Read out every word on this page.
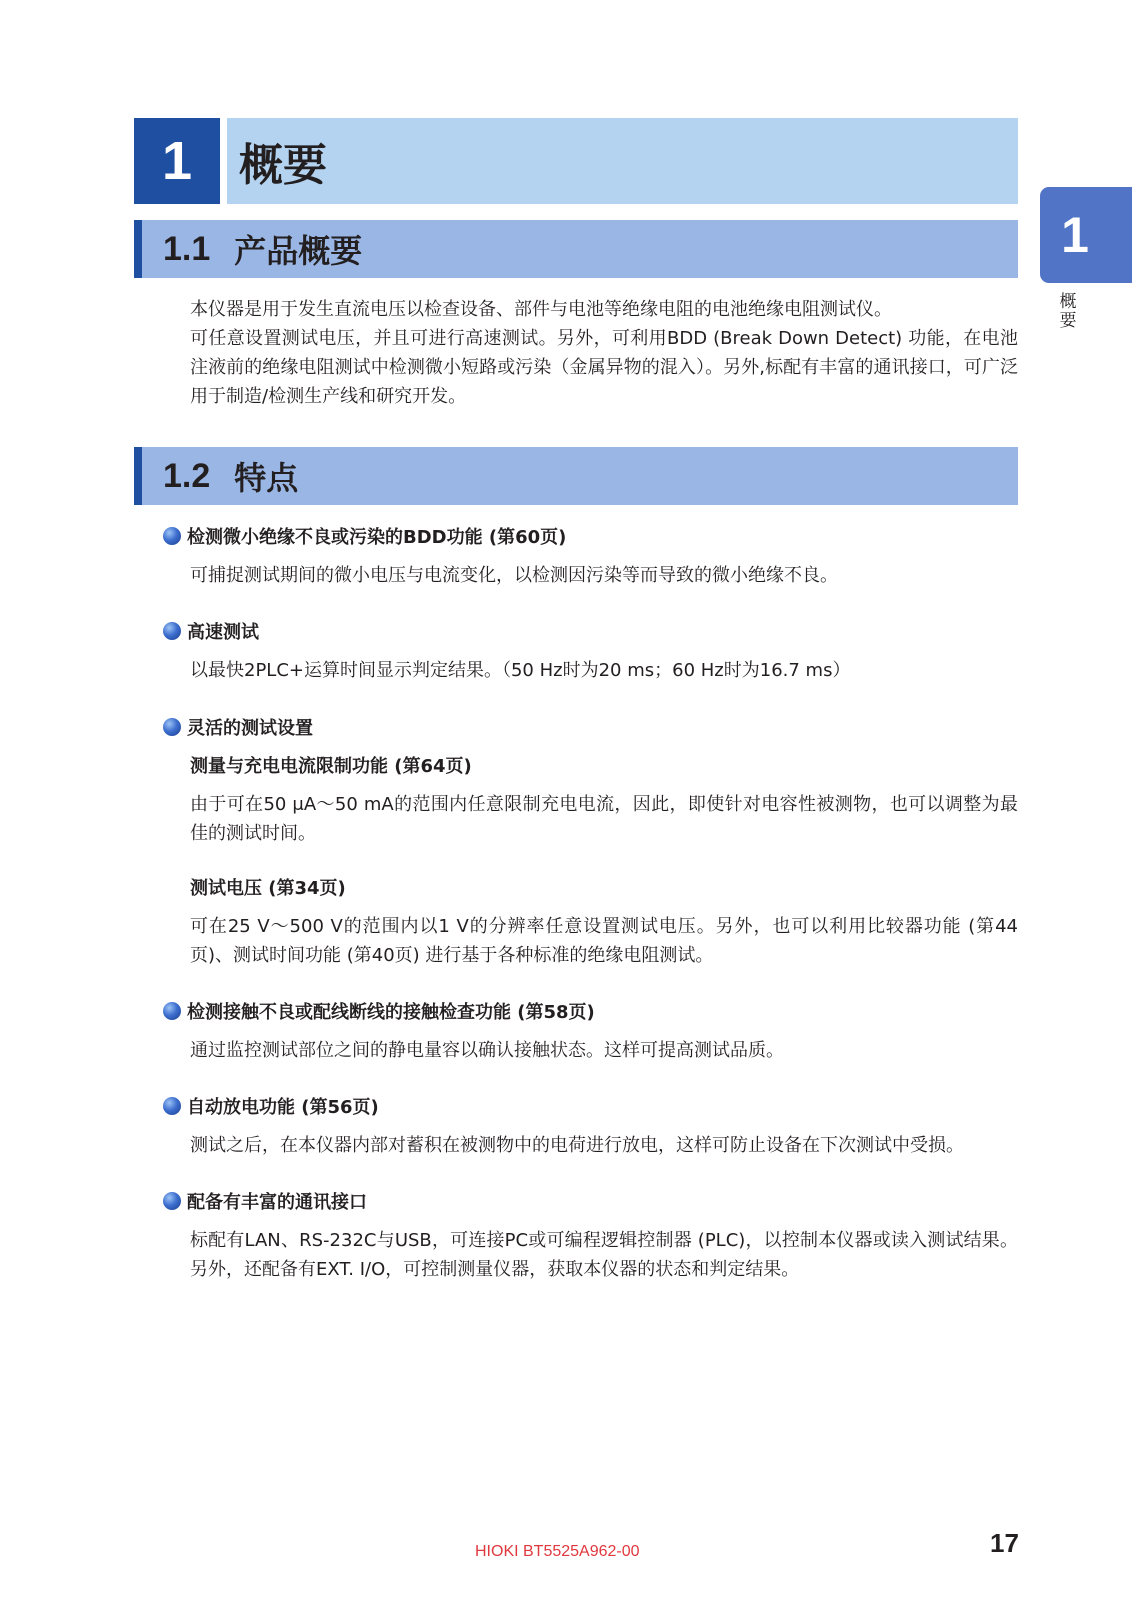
1	概要
1
概要
1.1 产品概要

本仪器是用于发生直流电压以检查设备、部件与电池等绝缘电阻的电池绝缘电阻测试仪。
可任意设置测试电压，并且可进行高速测试。另外，可利用BDD (Break Down Detect) 功能，在电池注液前的绝缘电阻测试中检测微小短路或污染（金属异物的混入）。另外,标配有丰富的通讯接口，可广泛用于制造/检测生产线和研究开发。

1.2 特点
检测微小绝缘不良或污染的BDD功能 (第60页)

可捕捉测试期间的微小电压与电流变化，以检测因污染等而导致的微小绝缘不良。

高速测试

以最快2PLC+运算时间显示判定结果。（50 Hz时为20 ms；60 Hz时为16.7 ms）

灵活的测试设置
测量与充电电流限制功能 (第64页)

由于可在50 μA～50 mA的范围内任意限制充电电流，因此，即使针对电容性被测物，也可以调整为最佳的测试时间。

测试电压 (第34页)

可在25 V～500 V的范围内以1 V的分辨率任意设置测试电压。另外，也可以利用比较器功能 (第44页)、测试时间功能 (第40页) 进行基于各种标准的绝缘电阻测试。

检测接触不良或配线断线的接触检查功能 (第58页)

通过监控测试部位之间的静电量容以确认接触状态。这样可提高测试品质。

自动放电功能 (第56页)

测试之后，在本仪器内部对蓄积在被测物中的电荷进行放电，这样可防止设备在下次测试中受损。

配备有丰富的通讯接口

标配有LAN、RS-232C与USB，可连接PC或可编程逻辑控制器 (PLC)，以控制本仪器或读入测试结果。另外，还配备有EXT. I/O，可控制测量仪器，获取本仪器的状态和判定结果。

HIOKI BT5525A962-00	17
